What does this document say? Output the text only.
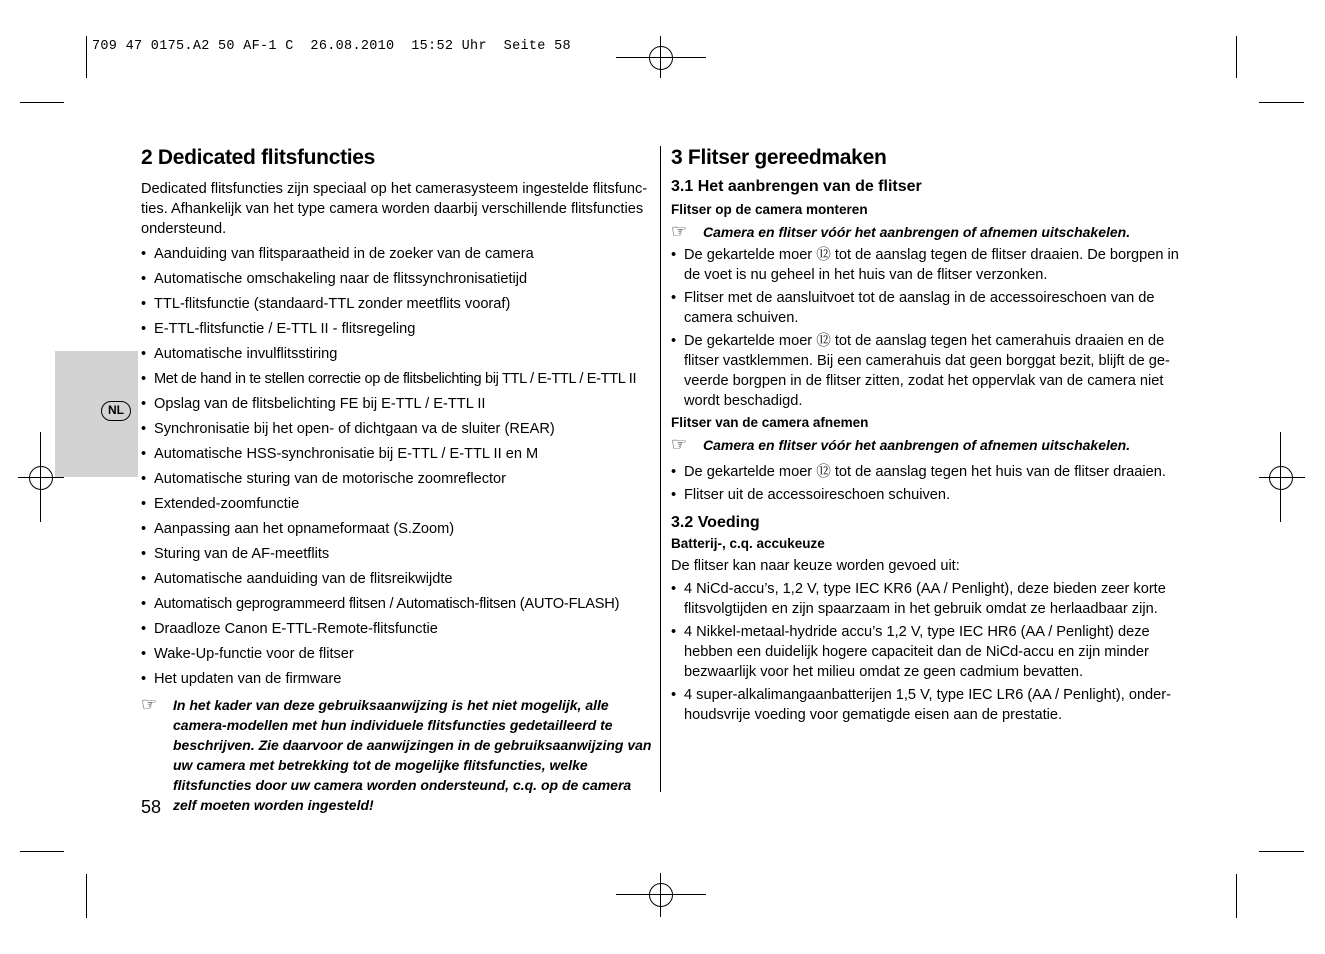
709 47 0175.A2 50 AF-1 C  26.08.2010  15:52 Uhr  Seite 58
NL
2 Dedicated flitsfuncties

Dedicated flitsfuncties zijn speciaal op het camerasysteem ingestelde flitsfunc-ties. Afhankelijk van het type camera worden daarbij verschillende flitsfuncties ondersteund.

• Aanduiding van flitsparaatheid in de zoeker van de camera
• Automatische omschakeling naar de flitssynchronisatietijd
• TTL-flitsfunctie (standaard-TTL zonder meetflits vooraf)
• E-TTL-flitsfunctie / E-TTL II - flitsregeling
• Automatische invulflitsstiring
• Met de hand in te stellen correctie op de flitsbelichting bij TTL / E-TTL / E-TTL II
• Opslag van de flitsbelichting FE bij E-TTL / E-TTL II
• Synchronisatie bij het open- of dichtgaan va de sluiter (REAR)
• Automatische HSS-synchronisatie bij E-TTL / E-TTL II en M
• Automatische sturing van de motorische zoomreflector
• Extended-zoomfunctie
• Aanpassing aan het opnameformaat (S.Zoom)
• Sturing van de AF-meetflits
• Automatische aanduiding van de flitsreikwijdte
• Automatisch geprogrammeerd flitsen / Automatisch-flitsen (AUTO-FLASH)
• Draadloze Canon E-TTL-Remote-flitsfunctie
• Wake-Up-functie voor de flitser
• Het updaten van de firmware
☞ In het kader van deze gebruiksaanwijzing is het niet mogelijk, alle camera-modellen met hun individuele flitsfuncties gedetailleerd te beschrijven. Zie daarvoor de aanwijzingen in de gebruiksaanwijzing van uw camera met betrekking tot de mogelijke flitsfuncties, welke flitsfuncties door uw camera worden ondersteund, c.q. op de camera zelf moeten worden ingesteld!
58
3 Flitser gereedmaken
3.1 Het aanbrengen van de flitser
Flitser op de camera monteren
☞ Camera en flitser vóór het aanbrengen of afnemen uitschakelen.
• De gekartelde moer ⑫ tot de aanslag tegen de flitser draaien. De borgpen in de voet is nu geheel in het huis van de flitser verzonken.
• Flitser met de aansluitvoet tot de aanslag in de accessoireschoen van de camera schuiven.
• De gekartelde moer ⑫ tot de aanslag tegen het camerahuis draaien en de flitser vastklemmen. Bij een camerahuis dat geen borggat bezit, blijft de ge-veerde borgpen in de flitser zitten, zodat het oppervlak van de camera niet wordt beschadigd.
Flitser van de camera afnemen
☞ Camera en flitser vóór het aanbrengen of afnemen uitschakelen.
• De gekartelde moer ⑫ tot de aanslag tegen het huis van de flitser draaien.
• Flitser uit de accessoireschoen schuiven.
3.2 Voeding
Batterij-, c.q. accukeuze

De flitser kan naar keuze worden gevoed uit:

• 4 NiCd-accu’s, 1,2 V, type IEC KR6 (AA / Penlight), deze bieden zeer korte flitsvolgtijden en zijn spaarzaam in het gebruik omdat ze herlaadbaar zijn.
• 4 Nikkel-metaal-hydride accu’s 1,2 V, type IEC HR6 (AA / Penlight) deze hebben een duidelijk hogere capaciteit dan de NiCd-accu en zijn minder bezwaarlijk voor het milieu omdat ze geen cadmium bevatten.
• 4 super-alkalimangaanbatterijen 1,5 V, type IEC LR6 (AA / Penlight), onder-houdsvrije voeding voor gematigde eisen aan de prestatie.
